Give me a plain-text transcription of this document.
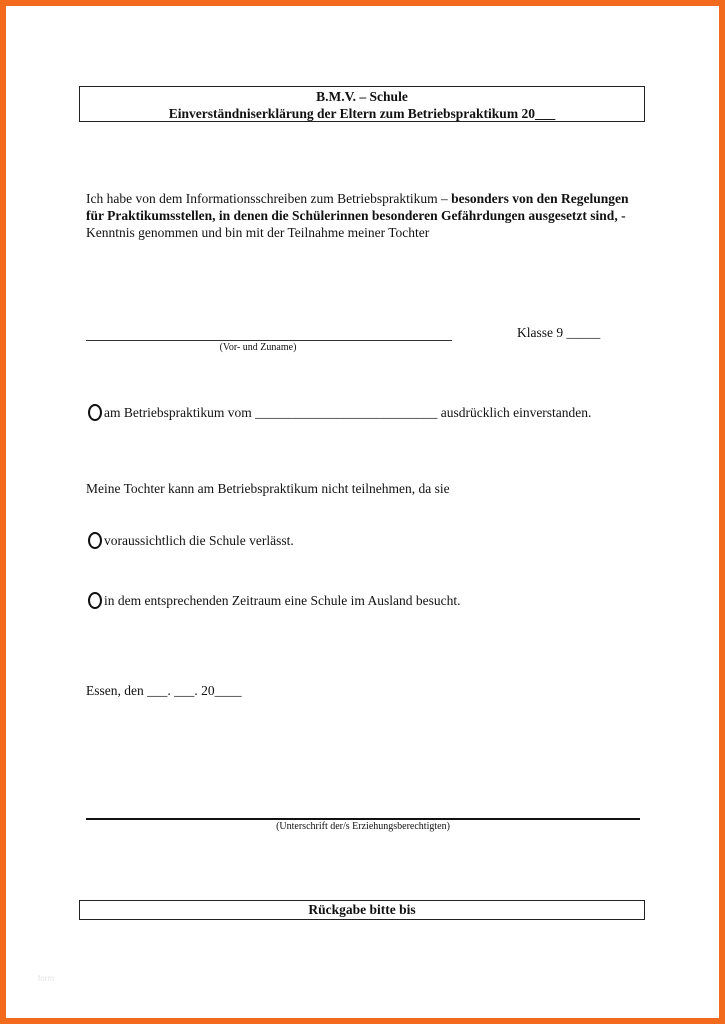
B.M.V. – Schule
Einverständniserklärung der Eltern zum Betriebspraktikum 20___
Ich habe von dem Informationsschreiben zum Betriebspraktikum – besonders von den Regelungen für Praktikumsstellen, in denen die Schülerinnen besonderen Gefährdungen ausgesetzt sind, - Kenntnis genommen und bin mit der Teilnahme meiner Tochter
(Vor- und Zuname)
Klasse 9 _____
am Betriebspraktikum vom ___________________________ ausdrücklich einverstanden.
Meine Tochter kann am Betriebspraktikum nicht teilnehmen, da sie
voraussichtlich die Schule verlässt.
in dem entsprechenden Zeitraum eine Schule im Ausland besucht.
Essen, den ___. ___. 20____
(Unterschrift der/s Erziehungsberechtigten)
Rückgabe bitte bis
form
